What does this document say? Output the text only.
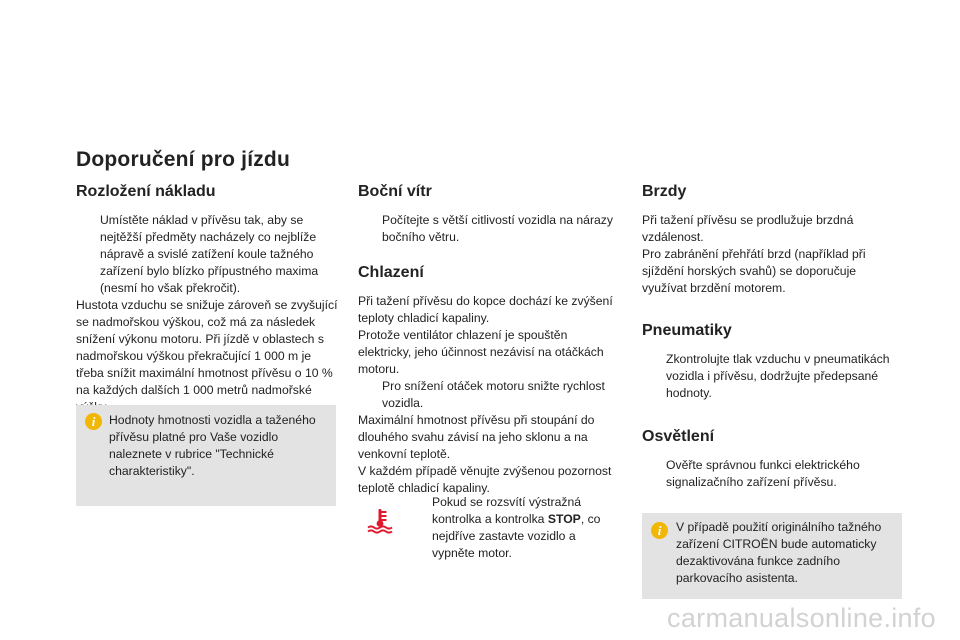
Doporučení pro jízdu
Rozložení nákladu

Umístěte náklad v přívěsu tak, aby se nejtěžší předměty nacházely co nejblíže nápravě a svislé zatížení koule tažného zařízení bylo blízko přípustného maxima (nesmí ho však překročit).

Hustota vzduchu se snižuje zároveň se zvyšující se nadmořskou výškou, což má za následek snížení výkonu motoru. Při jízdě v oblastech s nadmořskou výškou překračující 1 000 m je třeba snížit maximální hmotnost přívěsu o 10 % na každých dalších 1 000 metrů nadmořské

i	Hodnoty hmotnosti vozidla a taženého přívěsu platné pro Vaše vozidlo naleznete v rubrice "Technické charakteristiky".
Boční vítr

Počítejte s větší citlivostí vozidla na nárazy bočního větru.

Chlazení

Při tažení přívěsu do kopce dochází ke zvýšení teploty chladicí kapaliny.

Protože ventilátor chlazení je spouštěn elektricky, jeho účinnost nezávisí na otáčkách motoru.

Pro snížení otáček motoru snižte rychlost vozidla.

Maximální hmotnost přívěsu při stoupání do dlouhého svahu závisí na jeho sklonu a na venkovní teplotě.

V každém případě věnujte zvýšenou pozornost teplotě chladicí kapaliny.

Pokud se rozsvítí výstražná kontrolka a kontrolka STOP, co nejdříve zastavte vozidlo a vypněte motor.

Brzdy

Při tažení přívěsu se prodlužuje brzdná vzdálenost.

Pro zabránění přehřátí brzd (například při sjíždění horských svahů) se doporučuje využívat brzdění motorem.

Pneumatiky

Zkontrolujte tlak vzduchu v pneumatikách vozidla i přívěsu, dodržujte předepsané hodnoty.

Osvětlení

Ověřte správnou funkci elektrického signalizačního zařízení přívěsu.

i	V případě použití originálního tažného zařízení CITROËN bude automaticky dezaktivována funkce zadního parkovacího asistenta.
carmanualsonline.info
